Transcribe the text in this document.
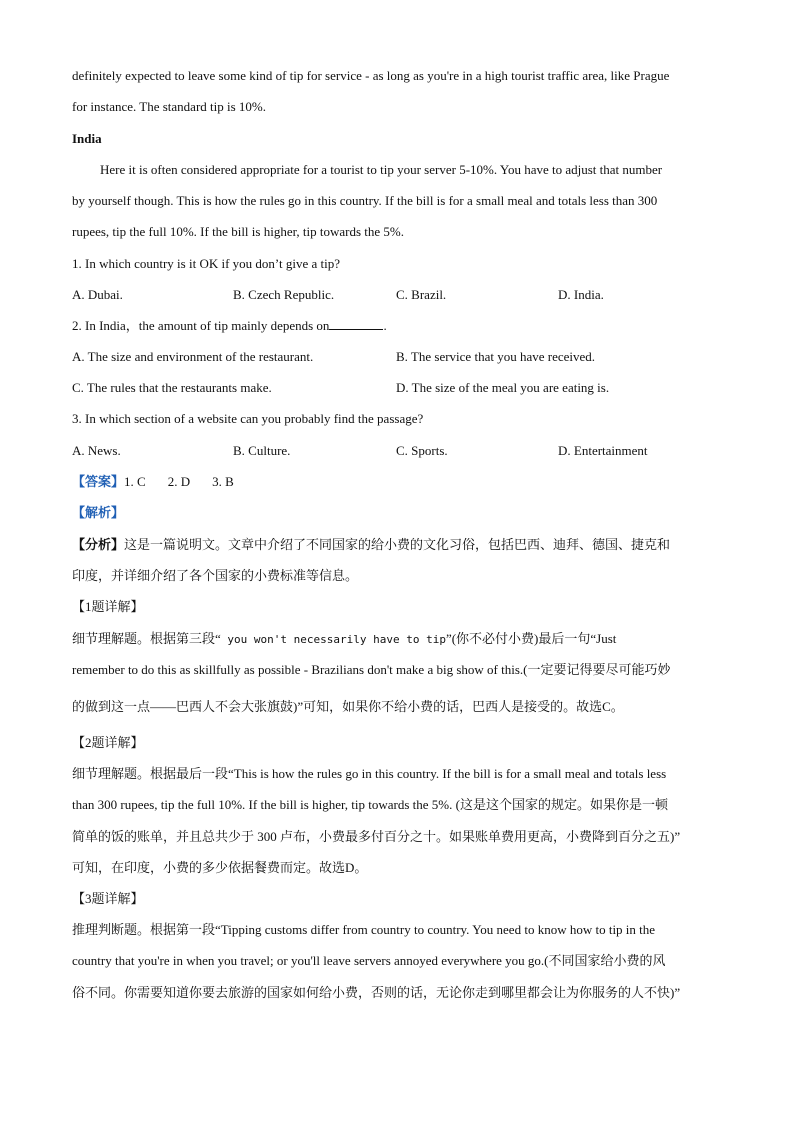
definitely expected to leave some kind of tip for service - as long as you're in a high tourist traffic area, like Prague
for instance. The standard tip is 10%.
India
Here it is often considered appropriate for a tourist to tip your server 5-10%. You have to adjust that number
by yourself though. This is how the rules go in this country. If the bill is for a small meal and totals less than 300
rupees, tip the full 10%. If the bill is higher, tip towards the 5%.
1. In which country is it OK if you don’t give a tip?
A. Dubai.	B. Czech Republic.	C. Brazil.	D. India.
2. In India，the amount of tip mainly depends on	.
A. The size and environment of the restaurant.	B. The service that you have received.
C. The rules that the restaurants make.	D. The size of the meal you are eating is.
3. In which section of a website can you probably find the passage?
A. News.	B. Culture.	C. Sports.	D. Entertainment
【答案】1. C 2. D 3. B
【解析】
【分析】这是一篇说明文。文章中介绍了不同国家的给小费的文化习俗，包括巴西、迪拜、德国、捷克和
印度，并详细介绍了各个国家的小费标准等信息。
【1题详解】
细节理解题。根据第三段“ you won't necessarily have to tip”(你不必付小费)最后一句“Just
remember to do this as skillfully as possible - Brazilians don't make a big show of this.(一定要记得要尽可能巧妙
的做到这一点——巴西人不会大张旗鼓)”可知，如果你不给小费的话，巴西人是接受的。故选C。
【2题详解】
细节理解题。根据最后一段“This is how the rules go in this country. If the bill is for a small meal and totals less
than 300 rupees, tip the full 10%. If the bill is higher, tip towards the 5%. (这是这个国家的规定。如果你是一顿
简单的饭的账单，并且总共少于 300 卢布，小费最多付百分之十。如果账单费用更高，小费降到百分之五)”
可知，在印度，小费的多少依据餐费而定。故选D。
【3题详解】
推理判断题。根据第一段“Tipping customs differ from country to country. You need to know how to tip in the
country that you're in when you travel; or you'll leave servers annoyed everywhere you go.(不同国家给小费的风
俗不同。你需要知道你要去旅游的国家如何给小费，否则的话，无论你走到哪里都会让为你服务的人不快)”
